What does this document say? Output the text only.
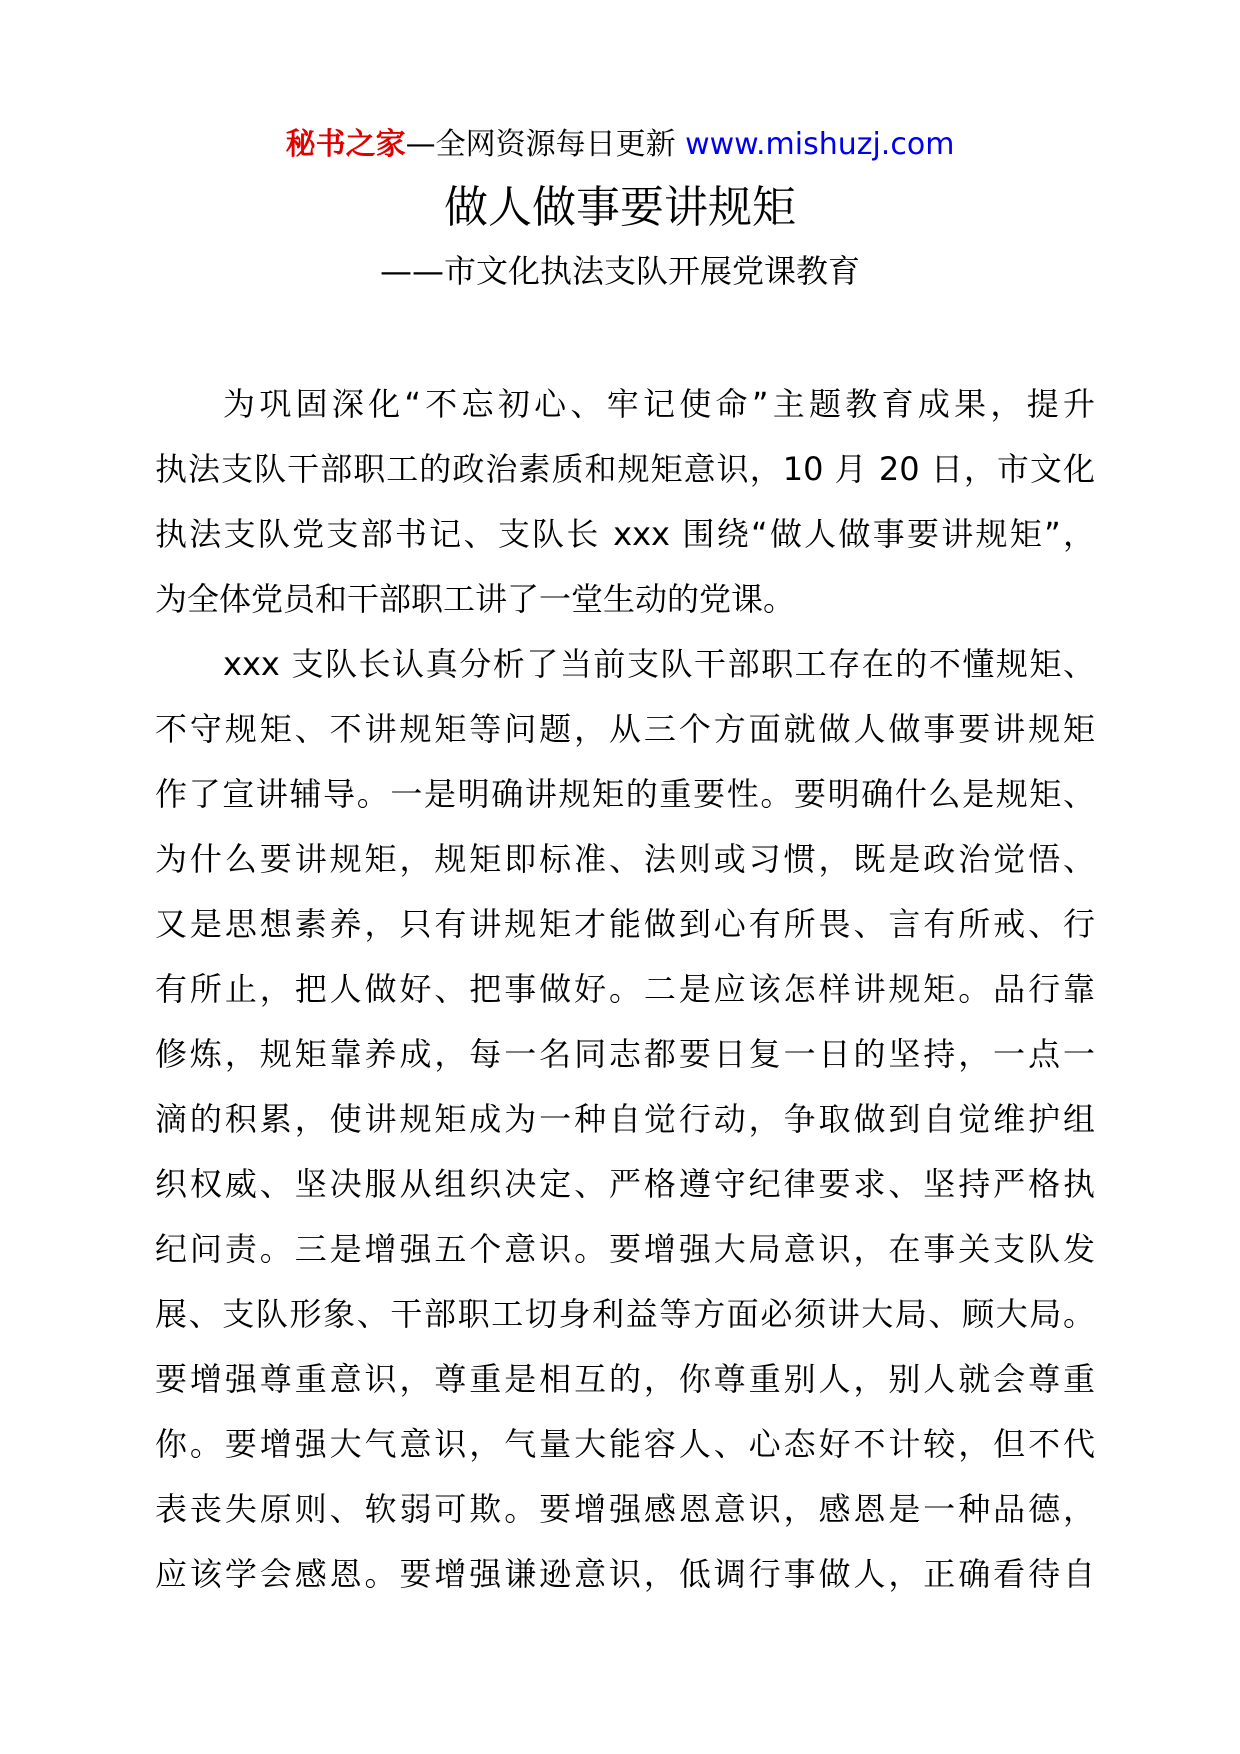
秘书之家—全网资源每日更新 www.mishuzj.com
做人做事要讲规矩
——市文化执法支队开展党课教育
为巩固深化“不忘初心、牢记使命”主题教育成果，提升
执法支队干部职工的政治素质和规矩意识，10 月 20 日，市文化
执法支队党支部书记、支队长 xxx 围绕“做人做事要讲规矩”，
为全体党员和干部职工讲了一堂生动的党课。
xxx 支队长认真分析了当前支队干部职工存在的不懂规矩、
不守规矩、不讲规矩等问题，从三个方面就做人做事要讲规矩
作了宣讲辅导。一是明确讲规矩的重要性。要明确什么是规矩、
为什么要讲规矩，规矩即标准、法则或习惯，既是政治觉悟、
又是思想素养，只有讲规矩才能做到心有所畏、言有所戒、行
有所止，把人做好、把事做好。二是应该怎样讲规矩。品行靠
修炼，规矩靠养成，每一名同志都要日复一日的坚持，一点一
滴的积累，使讲规矩成为一种自觉行动，争取做到自觉维护组
织权威、坚决服从组织决定、严格遵守纪律要求、坚持严格执
纪问责。三是增强五个意识。要增强大局意识，在事关支队发
展、支队形象、干部职工切身利益等方面必须讲大局、顾大局。
要增强尊重意识，尊重是相互的，你尊重别人，别人就会尊重
你。要增强大气意识，气量大能容人、心态好不计较，但不代
表丧失原则、软弱可欺。要增强感恩意识，感恩是一种品德，
应该学会感恩。要增强谦逊意识，低调行事做人，正确看待自
